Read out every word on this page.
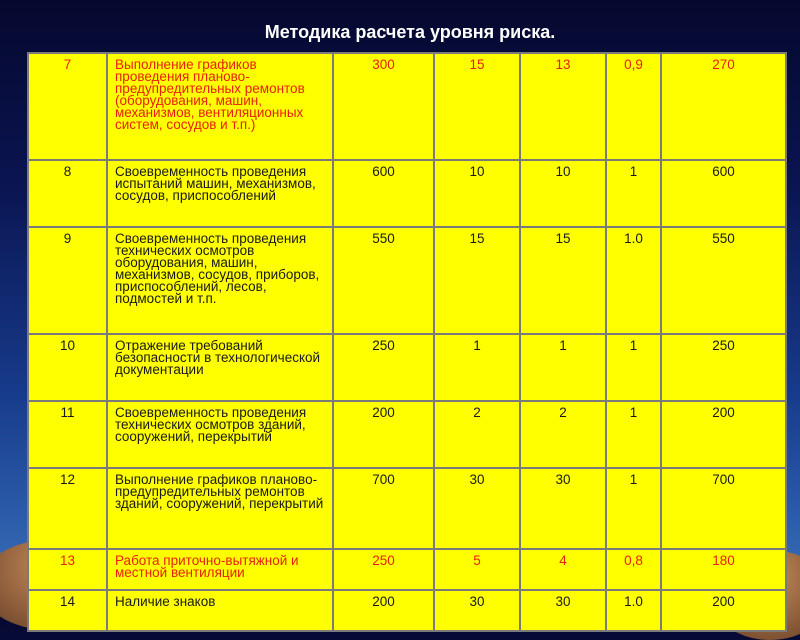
Методика расчета уровня риска.
7	Выполнение графиков проведения планово-предупредительных ремонтов (оборудования, машин, механизмов, вентиляционных систем, сосудов и т.п.)	300	15	13	0,9	270
8	Своевременность проведения испытаний машин, механизмов, сосудов, приспособлений	600	10	10	1	600
9	Своевременность проведения технических осмотров оборудования, машин, механизмов, сосудов, приборов, приспособлений, лесов, подмостей и т.п.	550	15	15	1.0	550
10	Отражение требований безопасности в технологической документации	250	1	1	1	250
11	Своевременность проведения технических осмотров зданий, сооружений, перекрытий	200	2	2	1	200
12	Выполнение графиков планово-предупредительных ремонтов зданий, сооружений, перекрытий	700	30	30	1	700
13	Работа приточно-вытяжной и местной вентиляции	250	5	4	0,8	180
14	Наличие знаков	200	30	30	1.0	200
